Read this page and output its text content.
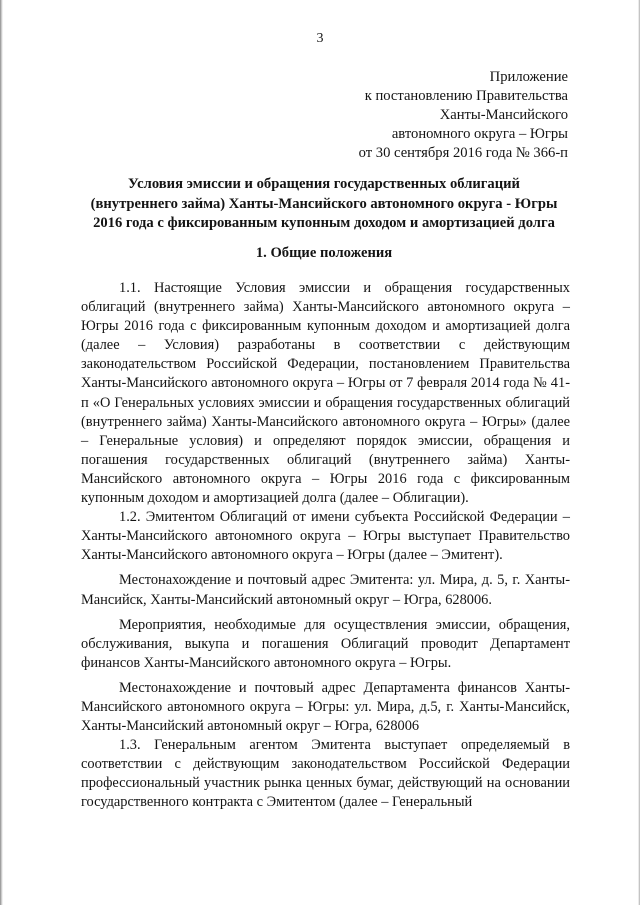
3
Приложение
к постановлению Правительства
Ханты-Мансийского
автономного округа – Югры
от 30 сентября 2016 года № 366-п
Условия эмиссии и обращения государственных облигаций
(внутреннего займа) Ханты-Мансийского автономного округа - Югры
2016 года с фиксированным купонным доходом и амортизацией долга
1. Общие положения

1.1. Настоящие Условия эмиссии и обращения государственных облигаций (внутреннего займа) Ханты-Мансийского автономного округа – Югры 2016 года с фиксированным купонным доходом и амортизацией долга (далее – Условия) разработаны в соответствии с действующим законодательством Российской Федерации, постановлением Правительства Ханты-Мансийского автономного округа – Югры от 7 февраля 2014 года № 41-п «О Генеральных условиях эмиссии и обращения государственных облигаций (внутреннего займа) Ханты-Мансийского автономного округа – Югры» (далее – Генеральные условия) и определяют порядок эмиссии, обращения и погашения государственных облигаций (внутреннего займа) Ханты-Мансийского автономного округа – Югры 2016 года с фиксированным купонным доходом и амортизацией долга (далее – Облигации).

1.2. Эмитентом Облигаций от имени субъекта Российской Федерации – Ханты-Мансийского автономного округа – Югры выступает Правительство Ханты-Мансийского автономного округа – Югры (далее – Эмитент).

Местонахождение и почтовый адрес Эмитента: ул. Мира, д. 5, г. Ханты-Мансийск, Ханты-Мансийский автономный округ – Югра, 628006.

Мероприятия, необходимые для осуществления эмиссии, обращения, обслуживания, выкупа и погашения Облигаций проводит Департамент финансов Ханты-Мансийского автономного округа – Югры.

Местонахождение и почтовый адрес Департамента финансов Ханты-Мансийского автономного округа – Югры: ул. Мира, д.5, г. Ханты-Мансийск, Ханты-Мансийский автономный округ – Югра, 628006

1.3. Генеральным агентом Эмитента выступает определяемый в соответствии с действующим законодательством Российской Федерации профессиональный участник рынка ценных бумаг, действующий на основании государственного контракта с Эмитентом (далее – Генеральный
